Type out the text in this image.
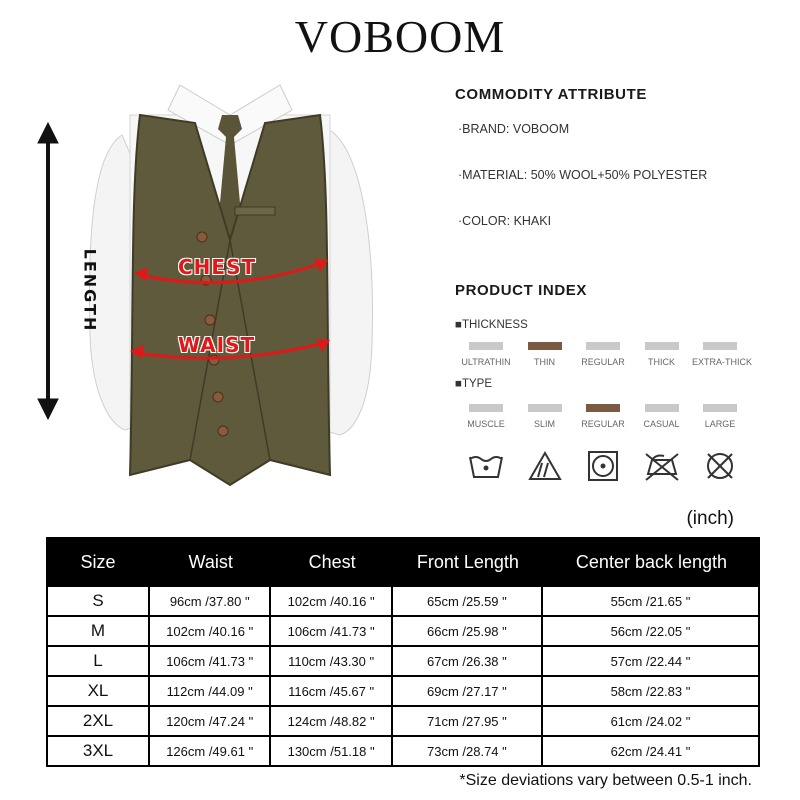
VOBOOM
CHEST
WAIST
LENGTH
COMMODITY ATTRIBUTE
·BRAND: VOBOOM
·MATERIAL: 50% WOOL+50% POLYESTER
·COLOR: KHAKI
PRODUCT INDEX
■THICKNESS
ULTRATHIN	THIN	REGULAR	THICK	EXTRA-THICK
■TYPE
MUSCLE	SLIM	REGULAR	CASUAL	LARGE
(inch)
Size	Waist	Chest	Front Length	Center back length
S	96cm /37.80 "	102cm /40.16 "	65cm /25.59 "	55cm /21.65 "
M	102cm /40.16 "	106cm /41.73 "	66cm /25.98 "	56cm /22.05 "
L	106cm /41.73 "	110cm /43.30 "	67cm /26.38 "	57cm /22.44 "
XL	112cm /44.09 "	116cm /45.67 "	69cm /27.17 "	58cm /22.83 "
2XL	120cm /47.24 "	124cm /48.82 "	71cm /27.95 "	61cm /24.02 "
3XL	126cm /49.61 "	130cm /51.18 "	73cm /28.74 "	62cm /24.41 "
*Size deviations vary between 0.5-1 inch.
